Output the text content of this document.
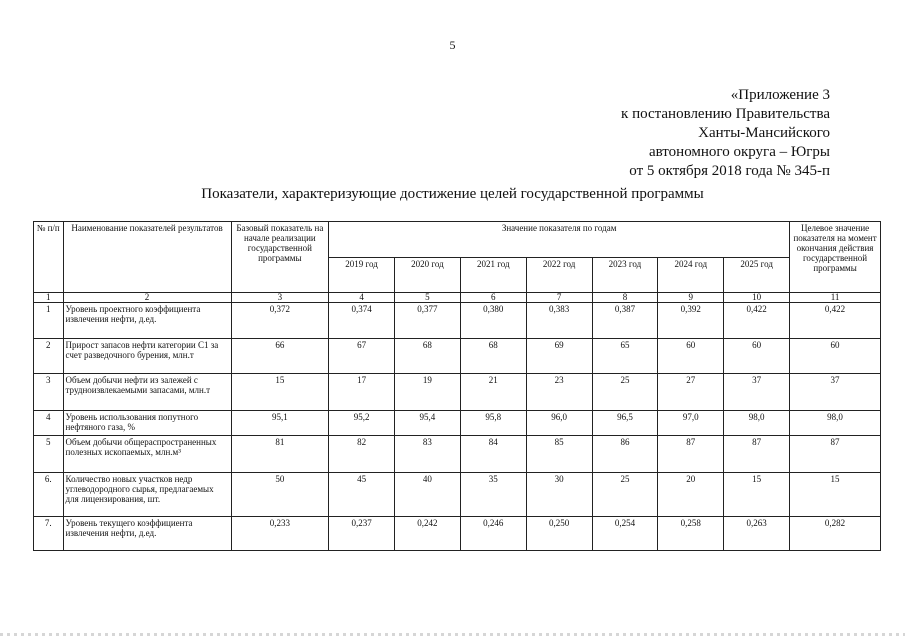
5
«Приложение 3
к постановлению Правительства
Ханты-Мансийского
автономного округа – Югры
от 5 октября 2018 года № 345-п
Показатели, характеризующие достижение целей государственной программы
№ п/п	Наименование показателей результатов	Базовый показатель на начале реализации государственной программы	Значение показателя по годам							Целевое значение показателя на момент окончания действия государственной программы
			2019 год	2020 год	2021 год	2022 год	2023 год	2024 год	2025 год	
1	2	3	4	5	6	7	8	9	10	11
1	Уровень проектного коэффициента извлечения нефти, д.ед.	0,372	0,374	0,377	0,380	0,383	0,387	0,392	0,422	0,422
2	Прирост запасов нефти категории С1 за счет разведочного бурения, млн.т	66	67	68	68	69	65	60	60	60
3	Объем добычи нефти из залежей с трудноизвлекаемыми запасами, млн.т	15	17	19	21	23	25	27	37	37
4	Уровень использования попутного нефтяного газа, %	95,1	95,2	95,4	95,8	96,0	96,5	97,0	98,0	98,0
5	Объем добычи общераспространенных полезных ископаемых, млн.м³	81	82	83	84	85	86	87	87	87
6.	Количество новых участков недр углеводородного сырья, предлагаемых для лицензирования, шт.	50	45	40	35	30	25	20	15	15
7.	Уровень текущего коэффициента извлечения нефти, д.ед.	0,233	0,237	0,242	0,246	0,250	0,254	0,258	0,263	0,282
